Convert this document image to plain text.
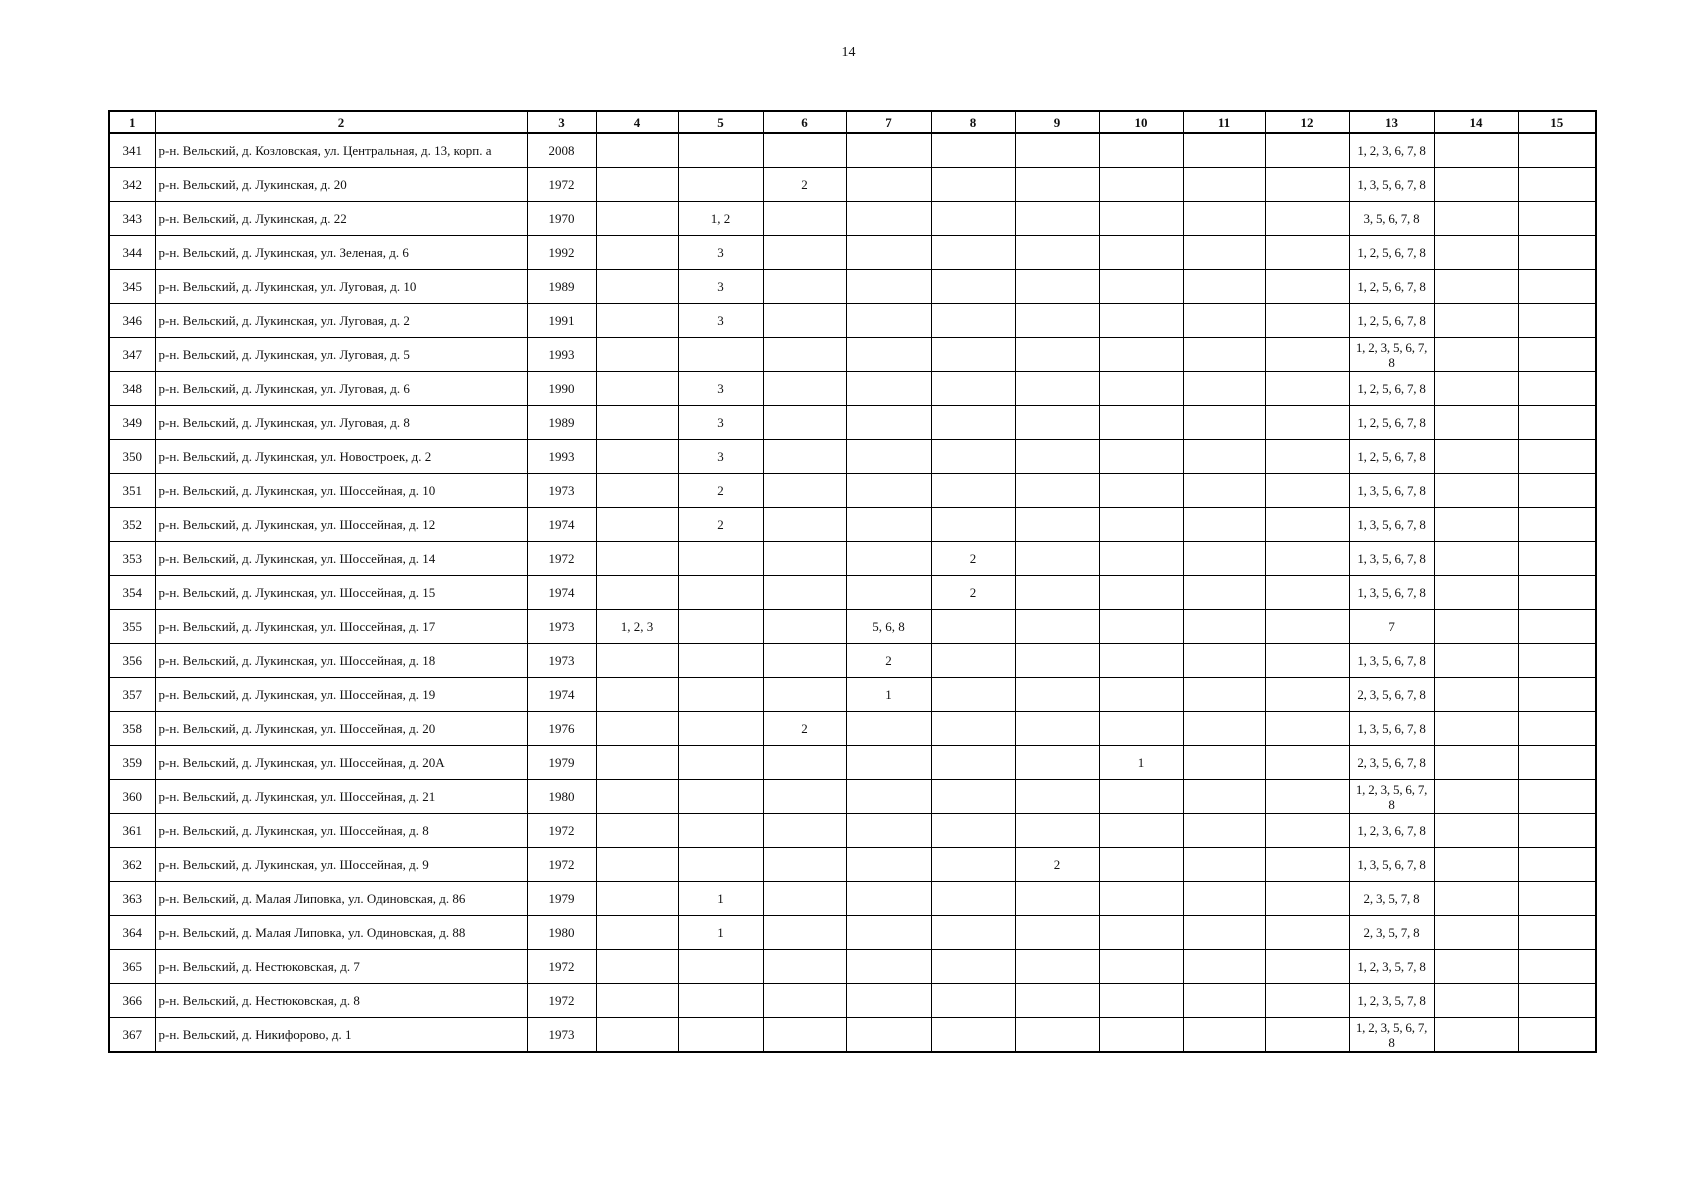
14
1	2	3	4	5	6	7	8	9	10	11	12	13	14	15
341	р-н. Вельский, д. Козловская, ул. Центральная, д. 13, корп. а	2008										1, 2, 3, 6, 7, 8		
342	р-н. Вельский, д. Лукинская, д. 20	1972			2							1, 3, 5, 6, 7, 8		
343	р-н. Вельский, д. Лукинская, д. 22	1970		1, 2								3, 5, 6, 7, 8		
344	р-н. Вельский, д. Лукинская, ул. Зеленая, д. 6	1992		3								1, 2, 5, 6, 7, 8		
345	р-н. Вельский, д. Лукинская, ул. Луговая, д. 10	1989		3								1, 2, 5, 6, 7, 8		
346	р-н. Вельский, д. Лукинская, ул. Луговая, д. 2	1991		3								1, 2, 5, 6, 7, 8		
347	р-н. Вельский, д. Лукинская, ул. Луговая, д. 5	1993										1, 2, 3, 5, 6, 7, 8		
348	р-н. Вельский, д. Лукинская, ул. Луговая, д. 6	1990		3								1, 2, 5, 6, 7, 8		
349	р-н. Вельский, д. Лукинская, ул. Луговая, д. 8	1989		3								1, 2, 5, 6, 7, 8		
350	р-н. Вельский, д. Лукинская, ул. Новостроек, д. 2	1993		3								1, 2, 5, 6, 7, 8		
351	р-н. Вельский, д. Лукинская, ул. Шоссейная, д. 10	1973		2								1, 3, 5, 6, 7, 8		
352	р-н. Вельский, д. Лукинская, ул. Шоссейная, д. 12	1974		2								1, 3, 5, 6, 7, 8		
353	р-н. Вельский, д. Лукинская, ул. Шоссейная, д. 14	1972					2					1, 3, 5, 6, 7, 8		
354	р-н. Вельский, д. Лукинская, ул. Шоссейная, д. 15	1974					2					1, 3, 5, 6, 7, 8		
355	р-н. Вельский, д. Лукинская, ул. Шоссейная, д. 17	1973	1, 2, 3			5, 6, 8						7		
356	р-н. Вельский, д. Лукинская, ул. Шоссейная, д. 18	1973				2						1, 3, 5, 6, 7, 8		
357	р-н. Вельский, д. Лукинская, ул. Шоссейная, д. 19	1974				1						2, 3, 5, 6, 7, 8		
358	р-н. Вельский, д. Лукинская, ул. Шоссейная, д. 20	1976			2							1, 3, 5, 6, 7, 8		
359	р-н. Вельский, д. Лукинская, ул. Шоссейная, д. 20А	1979							1			2, 3, 5, 6, 7, 8		
360	р-н. Вельский, д. Лукинская, ул. Шоссейная, д. 21	1980										1, 2, 3, 5, 6, 7, 8		
361	р-н. Вельский, д. Лукинская, ул. Шоссейная, д. 8	1972										1, 2, 3, 6, 7, 8		
362	р-н. Вельский, д. Лукинская, ул. Шоссейная, д. 9	1972						2				1, 3, 5, 6, 7, 8		
363	р-н. Вельский, д. Малая Липовка, ул. Одиновская, д. 86	1979		1								2, 3, 5, 7, 8		
364	р-н. Вельский, д. Малая Липовка, ул. Одиновская, д. 88	1980		1								2, 3, 5, 7, 8		
365	р-н. Вельский, д. Нестюковская, д. 7	1972										1, 2, 3, 5, 7, 8		
366	р-н. Вельский, д. Нестюковская, д. 8	1972										1, 2, 3, 5, 7, 8		
367	р-н. Вельский, д. Никифорово, д. 1	1973										1, 2, 3, 5, 6, 7, 8		
